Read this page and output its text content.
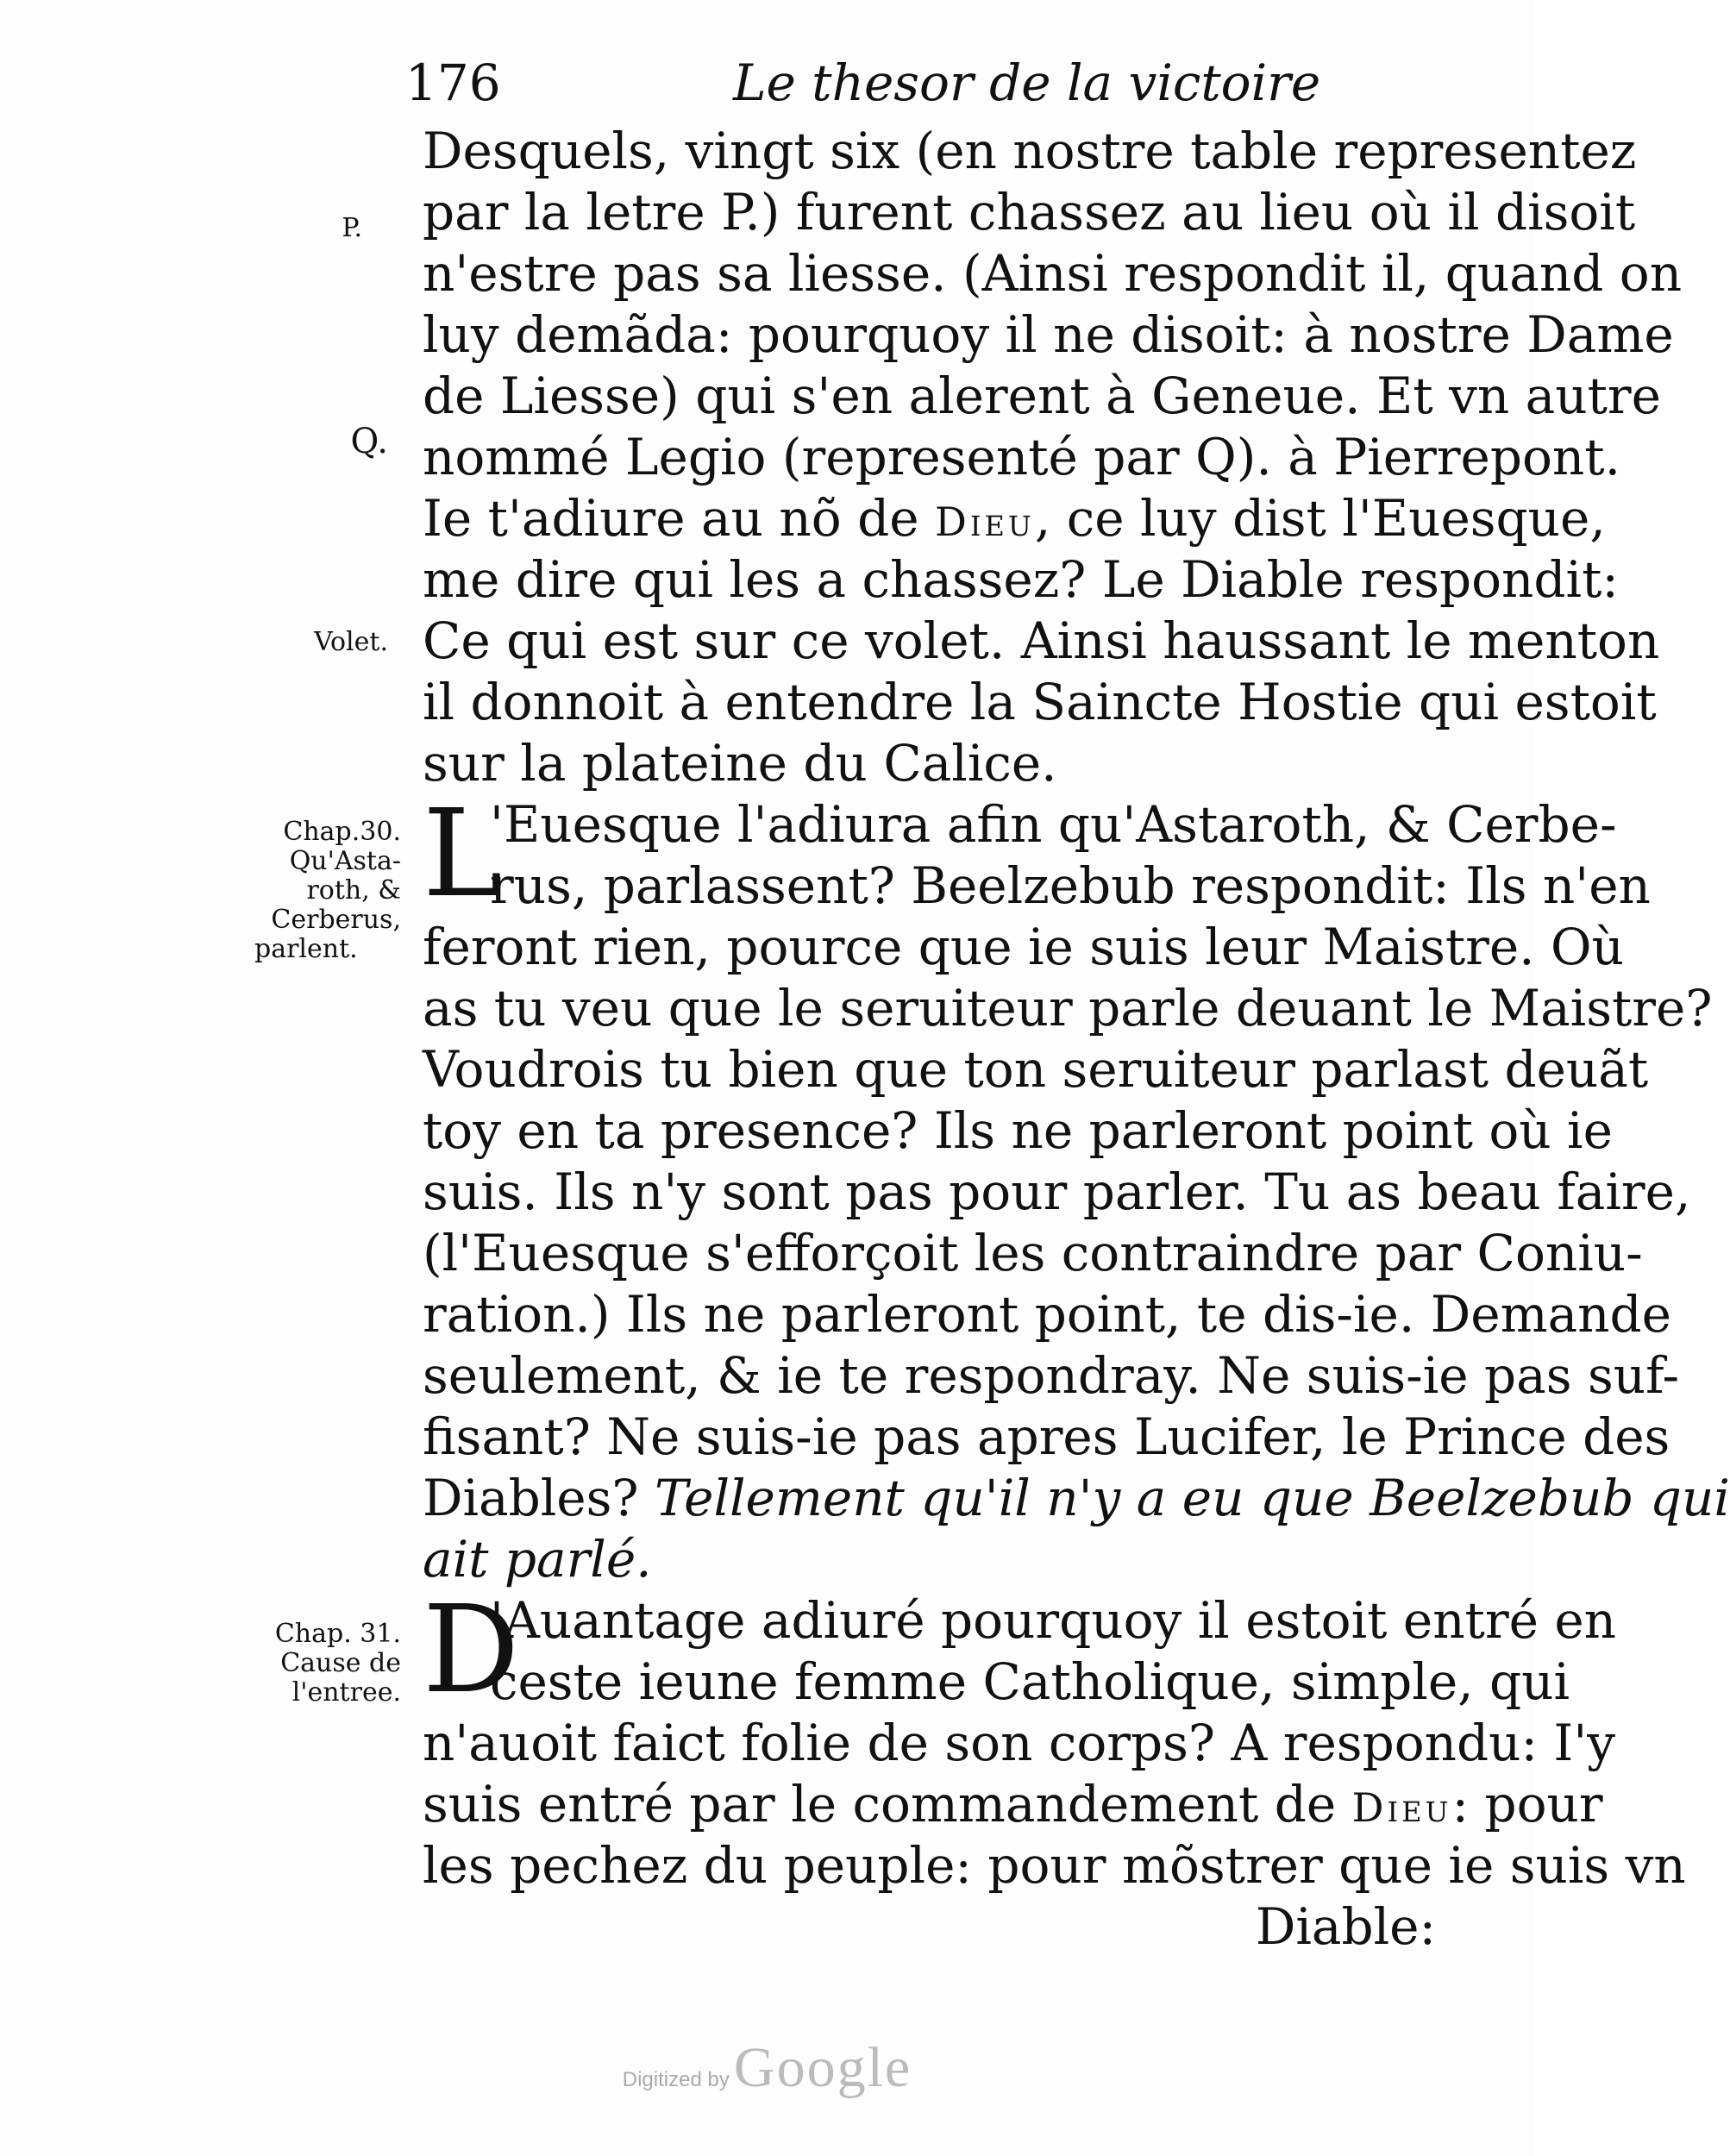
176	Le thesor de la victoire
P.
Q.
Volet.
Chap.30.
Qu'Asta-
roth, &
Cerberus,
parlent.
Chap. 31.
Cause de
l'entree.
Desquels, vingt six (en nostre table representez
par la letre P.) furent chassez au lieu où il disoit
n'estre pas sa liesse. (Ainsi respondit il, quand on
luy demãda: pourquoy il ne disoit: à nostre Dame
de Liesse) qui s'en alerent à Geneue. Et vn autre
nommé Legio (representé par Q). à Pierrepont.
Ie t'adiure au nõ de Dieu, ce luy dist l'Euesque,
me dire qui les a chassez? Le Diable respondit:
Ce qui est sur ce volet. Ainsi haussant le menton
il donnoit à entendre la Saincte Hostie qui estoit
sur la plateine du Calice.
L
'Euesque l'adiura afin qu'Astaroth, & Cerbe-
rus, parlassent? Beelzebub respondit: Ils n'en
feront rien, pource que ie suis leur Maistre. Où
as tu veu que le seruiteur parle deuant le Maistre?
Voudrois tu bien que ton seruiteur parlast deuãt
toy en ta presence? Ils ne parleront point où ie
suis. Ils n'y sont pas pour parler. Tu as beau faire,
(l'Euesque s'efforçoit les contraindre par Coniu-
ration.) Ils ne parleront point, te dis-ie. Demande
seulement, & ie te respondray. Ne suis-ie pas suf-
fisant? Ne suis-ie pas apres Lucifer, le Prince des
Diables? Tellement qu'il n'y a eu que Beelzebub qui
ait parlé.
D
'Auantage adiuré pourquoy il estoit entré en
ceste ieune femme Catholique, simple, qui
n'auoit faict folie de son corps? A respondu: I'y
suis entré par le commandement de Dieu: pour
les pechez du peuple: pour mõstrer que ie suis vn
Diable:
Digitized by Google
